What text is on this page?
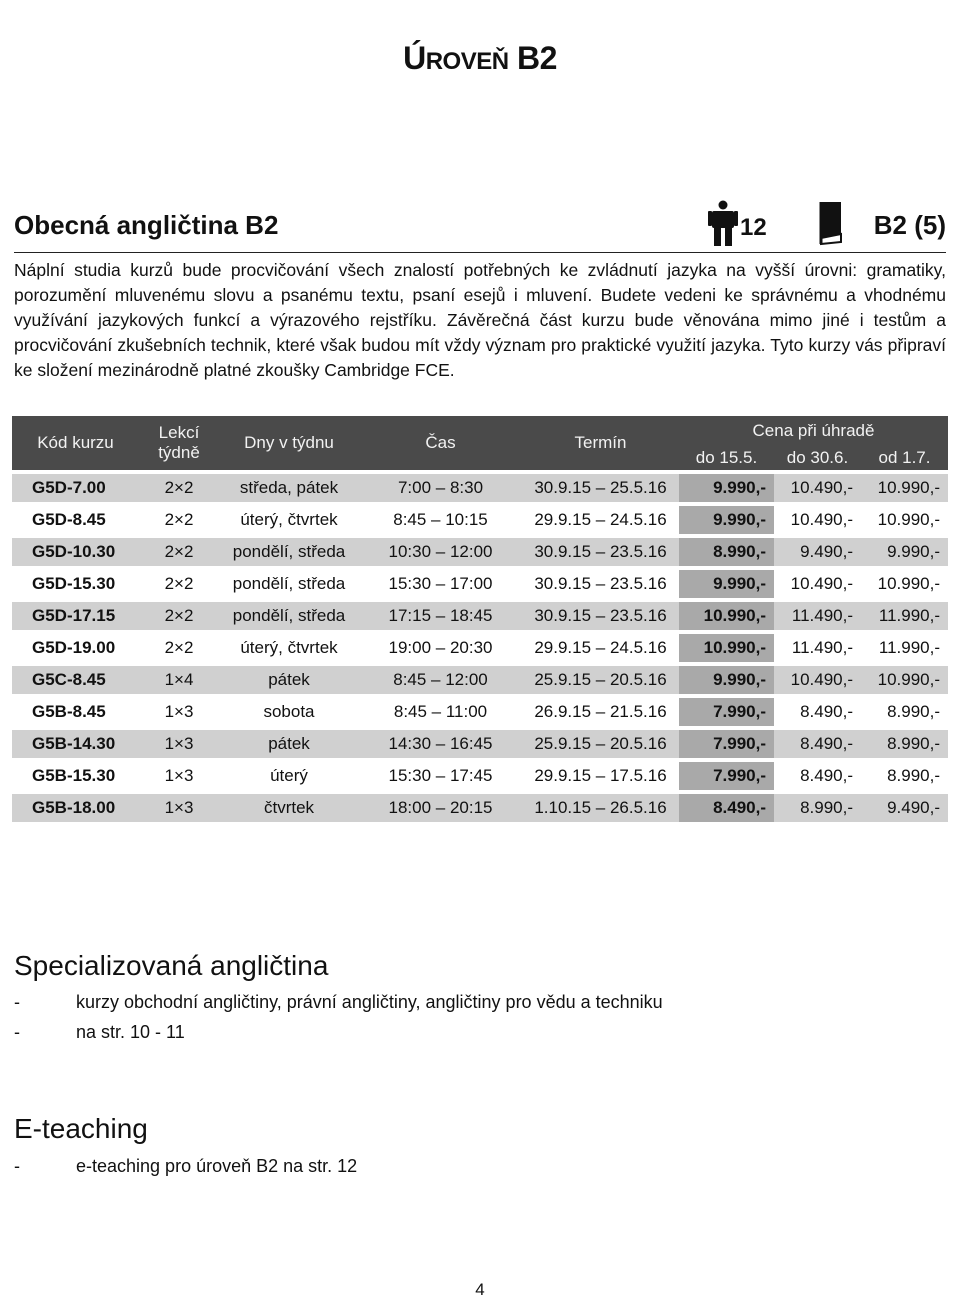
ÚROVEŇ B2
Obecná angličtina B2	12	B2 (5)

Náplní studia kurzů bude procvičování všech znalostí potřebných ke zvládnutí jazyka na vyšší úrovni: gramatiky, porozumění mluvenému slovu a psanému textu, psaní esejů i mluvení. Budete vedeni ke správnému a vhodnému využívání jazykových funkcí a výrazového rejstříku. Závěrečná část kurzu bude věnována mimo jiné i testům a procvičování zkušebních technik, které však budou mít vždy význam pro praktické využití jazyka. Tyto kurzy vás připraví ke složení mezinárodně platné zkoušky Cambridge FCE.

Kód kurzu	Lekcí týdně	Dny v týdnu	Čas	Termín	Cena při úhradě		
					do 15.5.	do 30.6.	od 1.7.
G5D-7.00	2×2	středa, pátek	7:00 – 8:30	30.9.15 – 25.5.16	9.990,-	10.490,-	10.990,-
G5D-8.45	2×2	úterý, čtvrtek	8:45 – 10:15	29.9.15 – 24.5.16	9.990,-	10.490,-	10.990,-
G5D-10.30	2×2	pondělí, středa	10:30 – 12:00	30.9.15 – 23.5.16	8.990,-	9.490,-	9.990,-
G5D-15.30	2×2	pondělí, středa	15:30 – 17:00	30.9.15 – 23.5.16	9.990,-	10.490,-	10.990,-
G5D-17.15	2×2	pondělí, středa	17:15 – 18:45	30.9.15 – 23.5.16	10.990,-	11.490,-	11.990,-
G5D-19.00	2×2	úterý, čtvrtek	19:00 – 20:30	29.9.15 – 24.5.16	10.990,-	11.490,-	11.990,-
G5C-8.45	1×4	pátek	8:45 – 12:00	25.9.15 – 20.5.16	9.990,-	10.490,-	10.990,-
G5B-8.45	1×3	sobota	8:45 – 11:00	26.9.15 – 21.5.16	7.990,-	8.490,-	8.990,-
G5B-14.30	1×3	pátek	14:30 – 16:45	25.9.15 – 20.5.16	7.990,-	8.490,-	8.990,-
G5B-15.30	1×3	úterý	15:30 – 17:45	29.9.15 – 17.5.16	7.990,-	8.490,-	8.990,-
G5B-18.00	1×3	čtvrtek	18:00 – 20:15	1.10.15 – 26.5.16	8.490,-	8.990,-	9.490,-
Specializovaná angličtina
-	kurzy obchodní angličtiny, právní angličtiny, angličtiny pro vědu a techniku
-	na str. 10 - 11
E-teaching
-	e-teaching pro úroveň B2 na str. 12
4
